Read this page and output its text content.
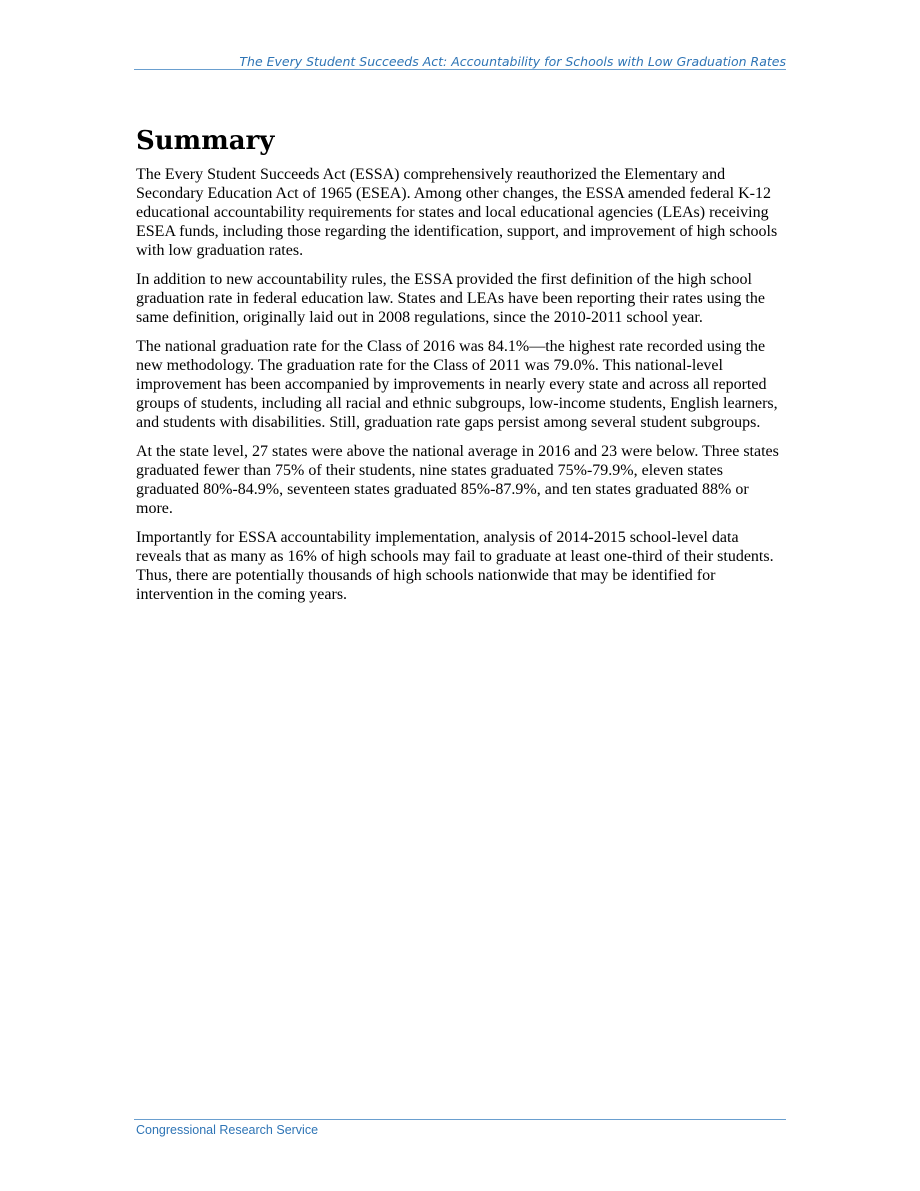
The Every Student Succeeds Act: Accountability for Schools with Low Graduation Rates
Summary

The Every Student Succeeds Act (ESSA) comprehensively reauthorized the Elementary and Secondary Education Act of 1965 (ESEA). Among other changes, the ESSA amended federal K-12 educational accountability requirements for states and local educational agencies (LEAs) receiving ESEA funds, including those regarding the identification, support, and improvement of high schools with low graduation rates.

In addition to new accountability rules, the ESSA provided the first definition of the high school graduation rate in federal education law. States and LEAs have been reporting their rates using the same definition, originally laid out in 2008 regulations, since the 2010-2011 school year.

The national graduation rate for the Class of 2016 was 84.1%—the highest rate recorded using the new methodology. The graduation rate for the Class of 2011 was 79.0%. This national-level improvement has been accompanied by improvements in nearly every state and across all reported groups of students, including all racial and ethnic subgroups, low-income students, English learners, and students with disabilities. Still, graduation rate gaps persist among several student subgroups.

At the state level, 27 states were above the national average in 2016 and 23 were below. Three states graduated fewer than 75% of their students, nine states graduated 75%-79.9%, eleven states graduated 80%-84.9%, seventeen states graduated 85%-87.9%, and ten states graduated 88% or more.

Importantly for ESSA accountability implementation, analysis of 2014-2015 school-level data reveals that as many as 16% of high schools may fail to graduate at least one-third of their students. Thus, there are potentially thousands of high schools nationwide that may be identified for intervention in the coming years.

Congressional Research Service
